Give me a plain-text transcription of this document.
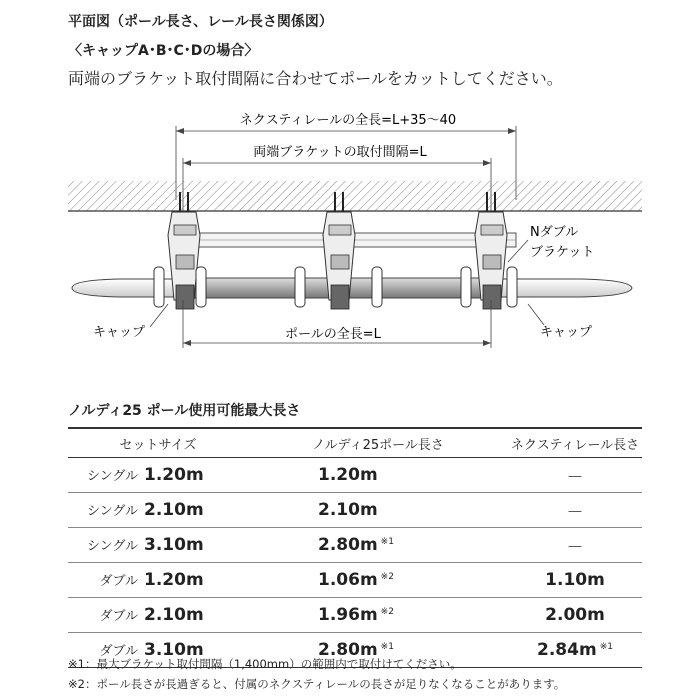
平面図（ポール長さ、レール長さ関係図）
〈キャップA･B･C･Dの場合〉
両端のブラケット取付間隔に合わせてポールをカットしてください。
ネクスティレールの全長=L+35～40
両端ブラケットの取付間隔=L
Nダブル
ブラケット
キャップ	キャップ
ポールの全長=L
ノルディ25 ポール使用可能最大長さ
セットサイズ	ノルディ25ポール長さ	ネクスティレール長さ
シングル 1.20m	1.20m	－
シングル 2.10m	2.10m	－
シングル 3.10m	2.80m $^{※1}$	－
ダブル 1.20m	1.06m $^{※2}$	1.10m
ダブル 2.10m	1.96m $^{※2}$	2.00m
ダブル 3.10m	2.80m $^{※1}$	2.84m $^{※1}$
※1：最大ブラケット取付間隔（1,400mm）の範囲内で取付けてください。
※2：ポール長さが長過ぎると、付属のネクスティレールの長さが足りなくなることがあります。
